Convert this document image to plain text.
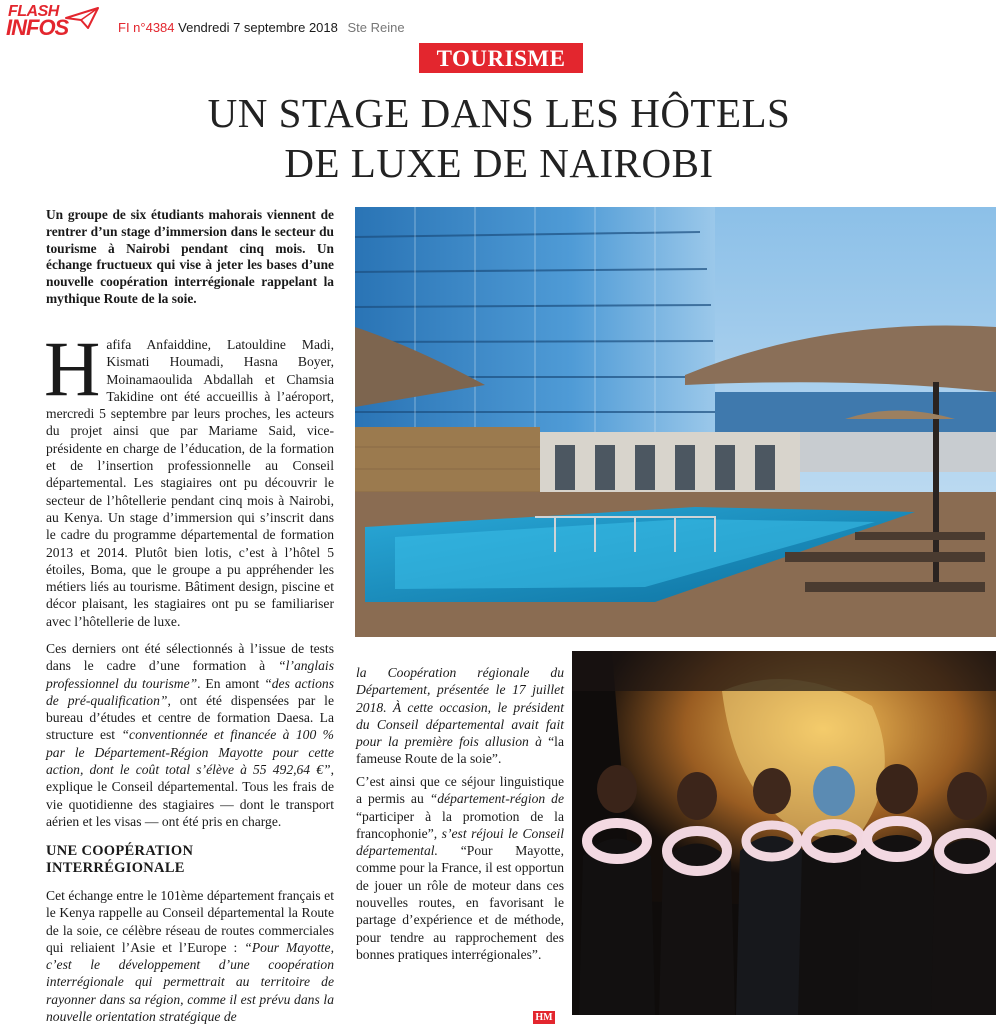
FLASH
INFOS	FI n°4384 Vendredi 7 septembre 2018 Ste Reine
TOURISME
UN STAGE DANS LES HÔTELS
DE LUXE DE NAIROBI
Un groupe de six étudiants mahorais viennent de rentrer d’un stage d’immersion dans le secteur du tourisme à Nairobi pendant cinq mois. Un échange fructueux qui vise à jeter les bases d’une nouvelle coopération interrégionale rappelant la mythique Route de la soie.
Hafifa Anfaiddine, Latouldine Madi, Kismati Houmadi, Hasna Boyer, Moinamaoulida Abdallah et Chamsia Takidine ont été accueillis à l’aéroport, mercredi 5 septembre par leurs proches, les acteurs du projet ainsi que par Mariame Said, vice-présidente en charge de l’éducation, de la formation et de l’insertion professionnelle au Conseil départemental. Les stagiaires ont pu découvrir le secteur de l’hôtellerie pendant cinq mois à Nairobi, au Kenya. Un stage d’immersion qui s’inscrit dans le cadre du programme départemental de formation 2013 et 2014. Plutôt bien lotis, c’est à l’hôtel 5 étoiles, Boma, que le groupe a pu appréhender les métiers liés au tourisme. Bâtiment design, piscine et décor plaisant, les stagiaires ont pu se familiariser avec l’hôtellerie de luxe.
Ces derniers ont été sélectionnés à l’issue de tests dans le cadre d’une formation à “l’anglais professionnel du tourisme”. En amont “des actions de pré-qualification”, ont été dispensées par le bureau d’études et centre de formation Daesa. La structure est “conventionnée et financée à 100 % par le Département-Région Mayotte pour cette action, dont le coût total s’élève à 55 492,64 €”, explique le Conseil départemental. Tous les frais de vie quotidienne des stagiaires — dont le transport aérien et les visas — ont été pris en charge.
UNE COOPÉRATION
INTERRÉGIONALE
Cet échange entre le 101ème département français et le Kenya rappelle au Conseil départemental la Route de la soie, ce célèbre réseau de routes commerciales qui reliaient l’Asie et l’Europe : “Pour Mayotte, c’est le développement d’une coopération interrégionale qui permettrait au territoire de rayonner dans sa région, comme il est prévu dans la nouvelle orientation stratégique de
la Coopération régionale du Département, présentée le 17 juillet 2018. À cette occasion, le président du Conseil départemental avait fait pour la première fois allusion à “la fameuse Route de la soie”.
C’est ainsi que ce séjour linguistique a permis au “département-région de “participer à la promotion de la francophonie”, s’est réjoui le Conseil départemental. “Pour Mayotte, comme pour la France, il est opportun de jouer un rôle de moteur dans ces nouvelles routes, en favorisant le partage d’expérience et de méthode, pour tendre au rapprochement des bonnes pratiques interrégionales”.
HM
